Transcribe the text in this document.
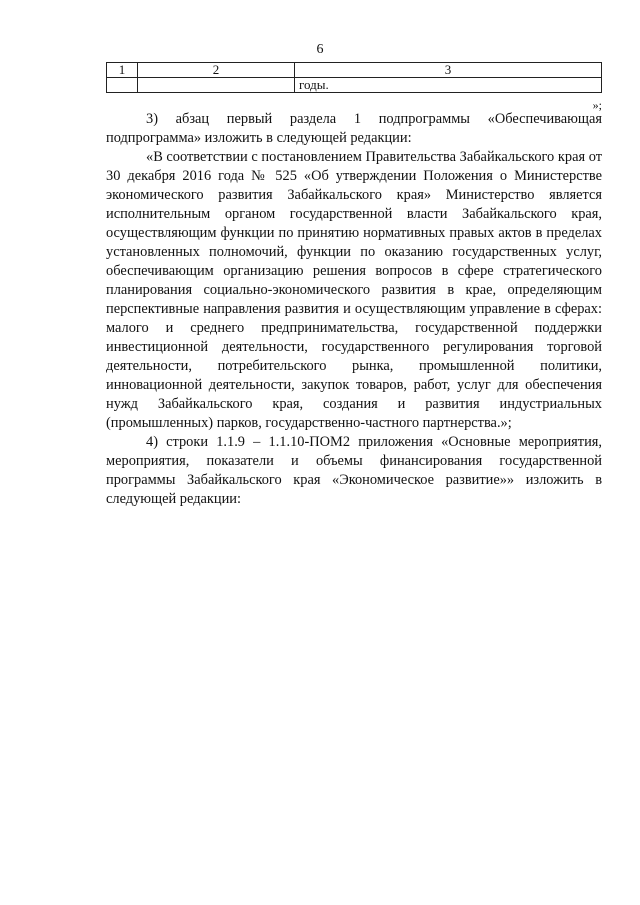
6
1	2	3
		годы.
»;

3) абзац первый раздела 1 подпрограммы «Обеспечивающая подпрограмма» изложить в следующей редакции:

«В соответствии с постановлением Правительства Забайкальского края от 30 декабря 2016 года № 525 «Об утверждении Положения о Министерстве экономического развития Забайкальского края» Министерство является исполнительным органом государственной власти Забайкальского края, осуществляющим функции по принятию нормативных правых актов в пределах установленных полномочий, функции по оказанию государственных услуг, обеспечивающим организацию решения вопросов в сфере стратегического планирования социально-экономического развития в крае, определяющим перспективные направления развития и осуществляющим управление в сферах: малого и среднего предпринимательства, государственной поддержки инвестиционной деятельности, государственного регулирования торговой деятельности, потребительского рынка, промышленной политики, инновационной деятельности, закупок товаров, работ, услуг для обеспечения нужд Забайкальского края, создания и развития индустриальных (промышленных) парков, государственно-частного партнерства.»;

4) строки 1.1.9 – 1.1.10-ПОМ2 приложения «Основные мероприятия, мероприятия, показатели и объемы финансирования государственной программы Забайкальского края «Экономическое развитие»» изложить в следующей редакции:
